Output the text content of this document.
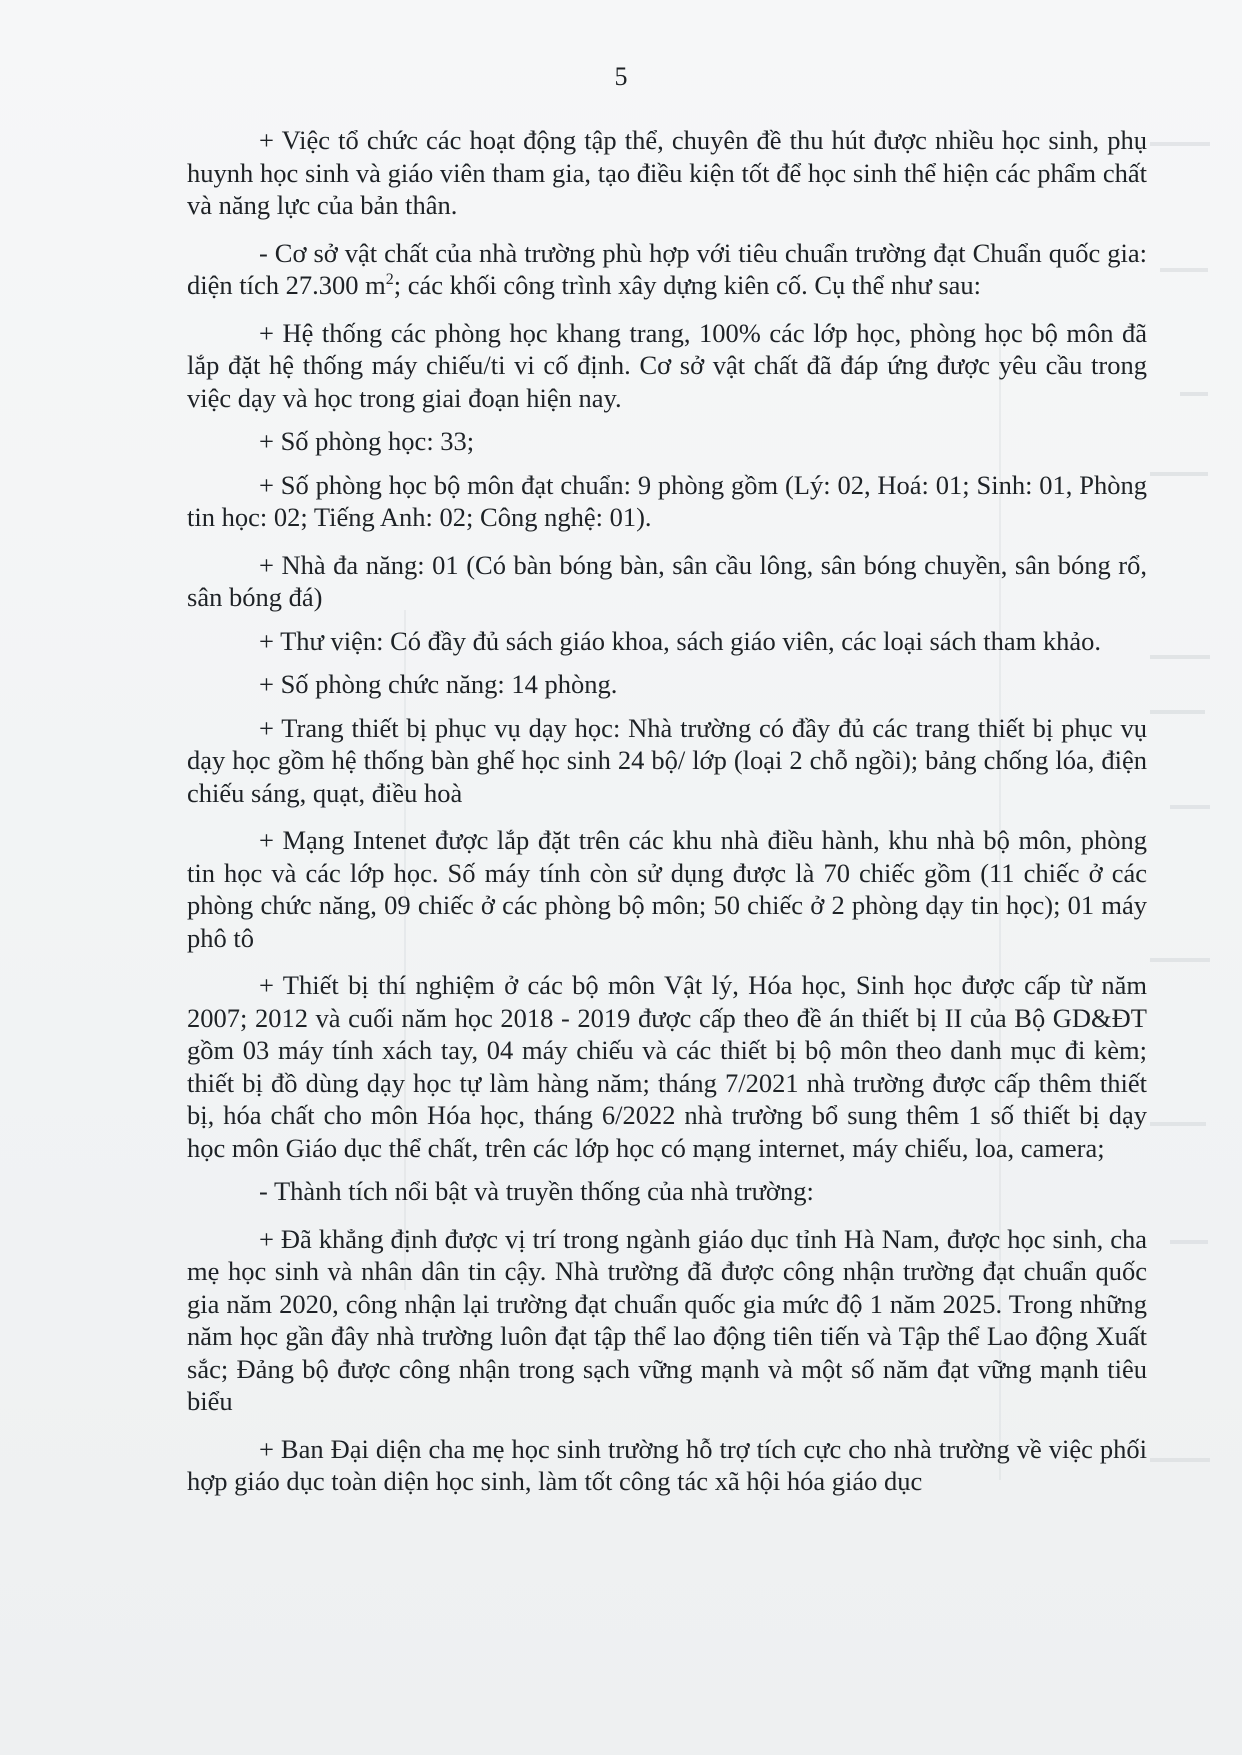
5

+ Việc tổ chức các hoạt động tập thể, chuyên đề thu hút được nhiều học sinh, phụ huynh học sinh và giáo viên tham gia, tạo điều kiện tốt để học sinh thể hiện các phẩm chất và năng lực của bản thân.

- Cơ sở vật chất của nhà trường phù hợp với tiêu chuẩn trường đạt Chuẩn quốc gia: diện tích 27.300 $m^2$; các khối công trình xây dựng kiên cố. Cụ thể như sau:

+ Hệ thống các phòng học khang trang, 100% các lớp học, phòng học bộ môn đã lắp đặt hệ thống máy chiếu/ti vi cố định. Cơ sở vật chất đã đáp ứng được yêu cầu trong việc dạy và học trong giai đoạn hiện nay.

+ Số phòng học: 33;

+ Số phòng học bộ môn đạt chuẩn: 9 phòng gồm (Lý: 02, Hoá: 01; Sinh: 01, Phòng tin học: 02; Tiếng Anh: 02; Công nghệ: 01).

+ Nhà đa năng: 01 (Có bàn bóng bàn, sân cầu lông, sân bóng chuyền, sân bóng rổ, sân bóng đá)

+ Thư viện: Có đầy đủ sách giáo khoa, sách giáo viên, các loại sách tham khảo.

+ Số phòng chức năng: 14 phòng.

+ Trang thiết bị phục vụ dạy học: Nhà trường có đầy đủ các trang thiết bị phục vụ dạy học gồm hệ thống bàn ghế học sinh 24 bộ/ lớp (loại 2 chỗ ngồi); bảng chống lóa, điện chiếu sáng, quạt, điều hoà

+ Mạng Intenet được lắp đặt trên các khu nhà điều hành, khu nhà bộ môn, phòng tin học và các lớp học. Số máy tính còn sử dụng được là 70 chiếc gồm (11 chiếc ở các phòng chức năng, 09 chiếc ở các phòng bộ môn; 50 chiếc ở 2 phòng dạy tin học); 01 máy phô tô

+ Thiết bị thí nghiệm ở các bộ môn Vật lý, Hóa học, Sinh học được cấp từ năm 2007; 2012 và cuối năm học 2018 - 2019 được cấp theo đề án thiết bị II của Bộ GD&ĐT gồm 03 máy tính xách tay, 04 máy chiếu và các thiết bị bộ môn theo danh mục đi kèm; thiết bị đồ dùng dạy học tự làm hàng năm; tháng 7/2021 nhà trường được cấp thêm thiết bị, hóa chất cho môn Hóa học, tháng 6/2022 nhà trường bổ sung thêm 1 số thiết bị dạy học môn Giáo dục thể chất, trên các lớp học có mạng internet, máy chiếu, loa, camera;

- Thành tích nổi bật và truyền thống của nhà trường:

+ Đã khẳng định được vị trí trong ngành giáo dục tỉnh Hà Nam, được học sinh, cha mẹ học sinh và nhân dân tin cậy. Nhà trường đã được công nhận trường đạt chuẩn quốc gia năm 2020, công nhận lại trường đạt chuẩn quốc gia mức độ 1 năm 2025. Trong những năm học gần đây nhà trường luôn đạt tập thể lao động tiên tiến và Tập thể Lao động Xuất sắc; Đảng bộ được công nhận trong sạch vững mạnh và một số năm đạt vững mạnh tiêu biểu

+ Ban Đại diện cha mẹ học sinh trường hỗ trợ tích cực cho nhà trường về việc phối hợp giáo dục toàn diện học sinh, làm tốt công tác xã hội hóa giáo dục
